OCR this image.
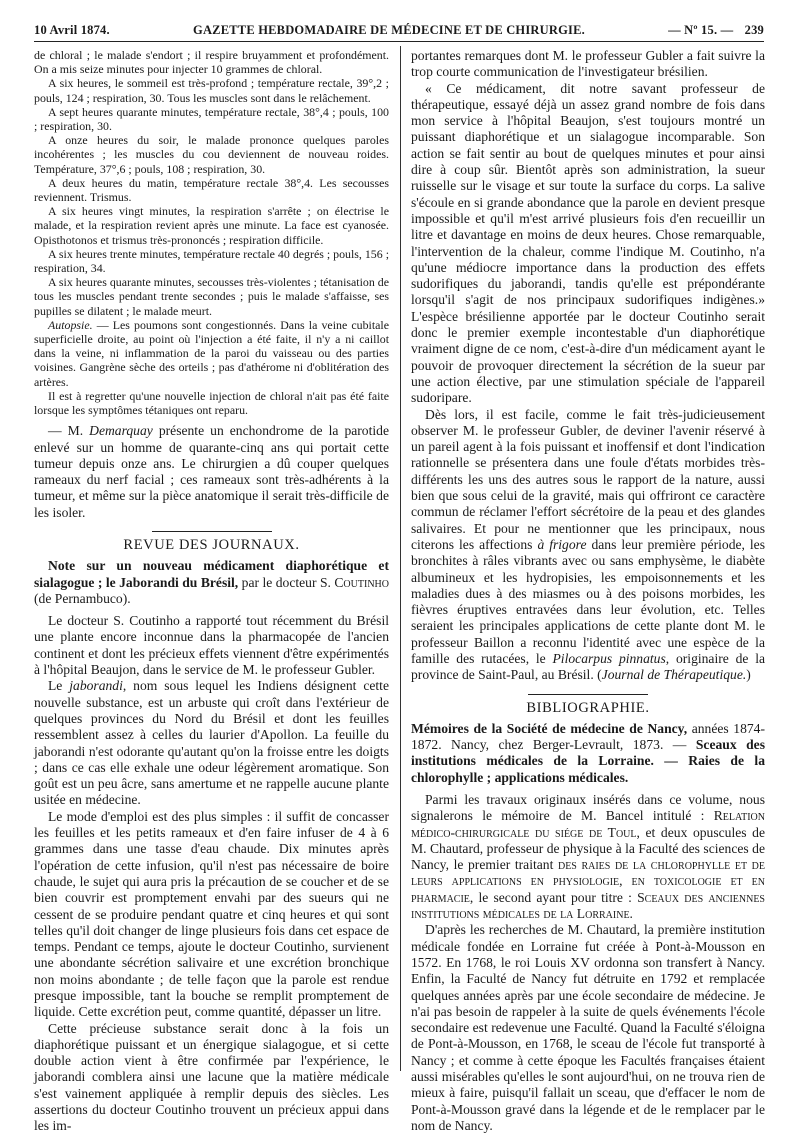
10 Avril 1874.	GAZETTE HEBDOMADAIRE DE MÉDECINE ET DE CHIRURGIE.	— Nº 15. — 239

de chloral ; le malade s'endort ; il respire bruyamment et profondément. On a mis seize minutes pour injecter 10 grammes de chloral.

A six heures, le sommeil est très-profond ; température rectale, 39°,2 ; pouls, 124 ; respiration, 30. Tous les muscles sont dans le relâchement.

A sept heures quarante minutes, température rectale, 38°,4 ; pouls, 100 ; respiration, 30.

A onze heures du soir, le malade prononce quelques paroles incohérentes ; les muscles du cou deviennent de nouveau roides. Température, 37°,6 ; pouls, 108 ; respiration, 30.

A deux heures du matin, température rectale 38°,4. Les secousses reviennent. Trismus.

A six heures vingt minutes, la respiration s'arrête ; on électrise le malade, et la respiration revient après une minute. La face est cyanosée. Opisthotonos et trismus très-prononcés ; respiration difficile.

A six heures trente minutes, température rectale 40 degrés ; pouls, 156 ; respiration, 34.

A six heures quarante minutes, secousses très-violentes ; tétanisation de tous les muscles pendant trente secondes ; puis le malade s'affaisse, ses pupilles se dilatent ; le malade meurt.

Autopsie. — Les poumons sont congestionnés. Dans la veine cubitale superficielle droite, au point où l'injection a été faite, il n'y a ni caillot dans la veine, ni inflammation de la paroi du vaisseau ou des parties voisines. Gangrène sèche des orteils ; pas d'athérome ni d'oblitération des artères.

Il est à regretter qu'une nouvelle injection de chloral n'ait pas été faite lorsque les symptômes tétaniques ont reparu.

— M. Demarquay présente un enchondrome de la parotide enlevé sur un homme de quarante-cinq ans qui portait cette tumeur depuis onze ans. Le chirurgien a dû couper quelques rameaux du nerf facial ; ces rameaux sont très-adhérents à la tumeur, et même sur la pièce anatomique il serait très-difficile de les isoler.

REVUE DES JOURNAUX.

Note sur un nouveau médicament diaphorétique et sialagogue ; le Jaborandi du Brésil, par le docteur S. Coutinho (de Pernambuco).

Le docteur S. Coutinho a rapporté tout récemment du Brésil une plante encore inconnue dans la pharmacopée de l'ancien continent et dont les précieux effets viennent d'être expérimentés à l'hôpital Beaujon, dans le service de M. le professeur Gubler.

Le jaborandi, nom sous lequel les Indiens désignent cette nouvelle substance, est un arbuste qui croît dans l'extérieur de quelques provinces du Nord du Brésil et dont les feuilles ressemblent assez à celles du laurier d'Apollon. La feuille du jaborandi n'est odorante qu'autant qu'on la froisse entre les doigts ; dans ce cas elle exhale une odeur légèrement aromatique. Son goût est un peu âcre, sans amertume et ne rappelle aucune plante usitée en médecine.

Le mode d'emploi est des plus simples : il suffit de concasser les feuilles et les petits rameaux et d'en faire infuser de 4 à 6 grammes dans une tasse d'eau chaude. Dix minutes après l'opération de cette infusion, qu'il n'est pas nécessaire de boire chaude, le sujet qui aura pris la précaution de se coucher et de se bien couvrir est promptement envahi par des sueurs qui ne cessent de se produire pendant quatre et cinq heures et qui sont telles qu'il doit changer de linge plusieurs fois dans cet espace de temps. Pendant ce temps, ajoute le docteur Coutinho, survienent une abondante sécrétion salivaire et une excrétion bronchique non moins abondante ; de telle façon que la parole est rendue presque impossible, tant la bouche se remplit promptement de liquide. Cette excrétion peut, comme quantité, dépasser un litre.

Cette précieuse substance serait donc à la fois un diaphorétique puissant et un énergique sialagogue, et si cette double action vient à être confirmée par l'expérience, le jaborandi comblera ainsi une lacune que la matière médicale s'est vainement appliquée à remplir depuis des siècles. Les assertions du docteur Coutinho trouvent un précieux appui dans les im-

portantes remarques dont M. le professeur Gubler a fait suivre la trop courte communication de l'investigateur brésilien.

« Ce médicament, dit notre savant professeur de thérapeutique, essayé déjà un assez grand nombre de fois dans mon service à l'hôpital Beaujon, s'est toujours montré un puissant diaphorétique et un sialagogue incomparable. Son action se fait sentir au bout de quelques minutes et pour ainsi dire à coup sûr. Bientôt après son administration, la sueur ruisselle sur le visage et sur toute la surface du corps. La salive s'écoule en si grande abondance que la parole en devient presque impossible et qu'il m'est arrivé plusieurs fois d'en recueillir un litre et davantage en moins de deux heures. Chose remarquable, l'intervention de la chaleur, comme l'indique M. Coutinho, n'a qu'une médiocre importance dans la production des effets sudorifiques du jaborandi, tandis qu'elle est prépondérante lorsqu'il s'agit de nos principaux sudorifiques indigènes.» L'espèce brésilienne apportée par le docteur Coutinho serait donc le premier exemple incontestable d'un diaphorétique vraiment digne de ce nom, c'est-à-dire d'un médicament ayant le pouvoir de provoquer directement la sécrétion de la sueur par une action élective, par une stimulation spéciale de l'appareil sudoripare.

Dès lors, il est facile, comme le fait très-judicieusement observer M. le professeur Gubler, de deviner l'avenir réservé à un pareil agent à la fois puissant et inoffensif et dont l'indication rationnelle se présentera dans une foule d'états morbides très-différents les uns des autres sous le rapport de la nature, aussi bien que sous celui de la gravité, mais qui offriront ce caractère commun de réclamer l'effort sécrétoire de la peau et des glandes salivaires. Et pour ne mentionner que les principaux, nous citerons les affections à frigore dans leur première période, les bronchites à râles vibrants avec ou sans emphysème, le diabète albumineux et les hydropisies, les empoisonnements et les maladies dues à des miasmes ou à des poisons morbides, les fièvres éruptives entravées dans leur évolution, etc. Telles seraient les principales applications de cette plante dont M. le professeur Baillon a reconnu l'identité avec une espèce de la famille des rutacées, le Pilocarpus pinnatus, originaire de la province de Saint-Paul, au Brésil. (Journal de Thérapeutique.)

BIBLIOGRAPHIE.

Mémoires de la Société de médecine de Nancy, années 1874-1872. Nancy, chez Berger-Levrault, 1873. — Sceaux des institutions médicales de la Lorraine. — Raies de la chlorophylle ; applications médicales.

Parmi les travaux originaux insérés dans ce volume, nous signalerons le mémoire de M. Bancel intitulé : Relation médico-chirurgicale du siége de Toul, et deux opuscules de M. Chautard, professeur de physique à la Faculté des sciences de Nancy, le premier traitant des raies de la chlorophylle et de leurs applications en physiologie, en toxicologie et en pharmacie, le second ayant pour titre : Sceaux des anciennes institutions médicales de la Lorraine.

D'après les recherches de M. Chautard, la première institution médicale fondée en Lorraine fut créée à Pont-à-Mousson en 1572. En 1768, le roi Louis XV ordonna son transfert à Nancy. Enfin, la Faculté de Nancy fut détruite en 1792 et remplacée quelques années après par une école secondaire de médecine. Je n'ai pas besoin de rappeler à la suite de quels événements l'école secondaire est redevenue une Faculté. Quand la Faculté s'éloigna de Pont-à-Mousson, en 1768, le sceau de l'école fut transporté à Nancy ; et comme à cette époque les Facultés françaises étaient aussi misérables qu'elles le sont aujourd'hui, on ne trouva rien de mieux à faire, puisqu'il fallait un sceau, que d'effacer le nom de Pont-à-Mousson gravé dans la légende et de le remplacer par le nom de Nancy.
